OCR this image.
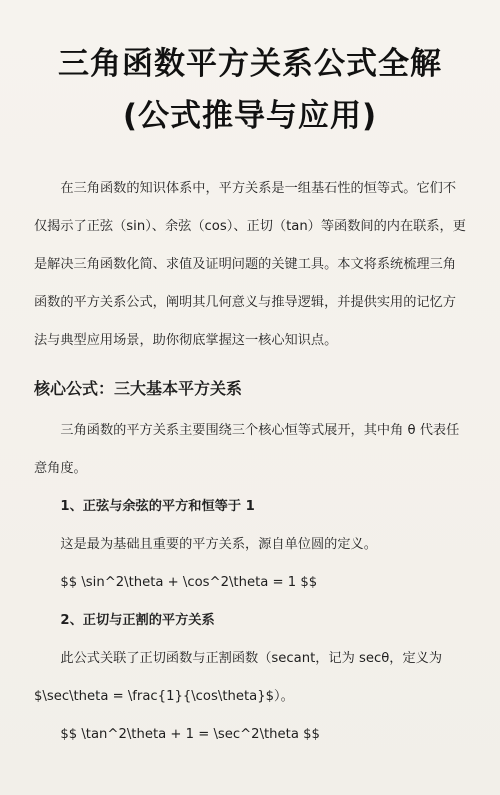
三角函数平方关系公式全解
(公式推导与应用)

在三角函数的知识体系中，平方关系是一组基石性的恒等式。它们不仅揭示了正弦（sin）、余弦（cos）、正切（tan）等函数间的内在联系，更是解决三角函数化简、求值及证明问题的关键工具。本文将系统梳理三角函数的平方关系公式，阐明其几何意义与推导逻辑，并提供实用的记忆方法与典型应用场景，助你彻底掌握这一核心知识点。

核心公式：三大基本平方关系

三角函数的平方关系主要围绕三个核心恒等式展开，其中角 θ 代表任意角度。

1、正弦与余弦的平方和恒等于 1

这是最为基础且重要的平方关系，源自单位圆的定义。

$$ \sin^2\theta + \cos^2\theta = 1 $$

2、正切与正割的平方关系

此公式关联了正切函数与正割函数（secant，记为 secθ，定义为 $\sec\theta = \frac{1}{\cos\theta}$）。

$$ \tan^2\theta + 1 = \sec^2\theta $$
